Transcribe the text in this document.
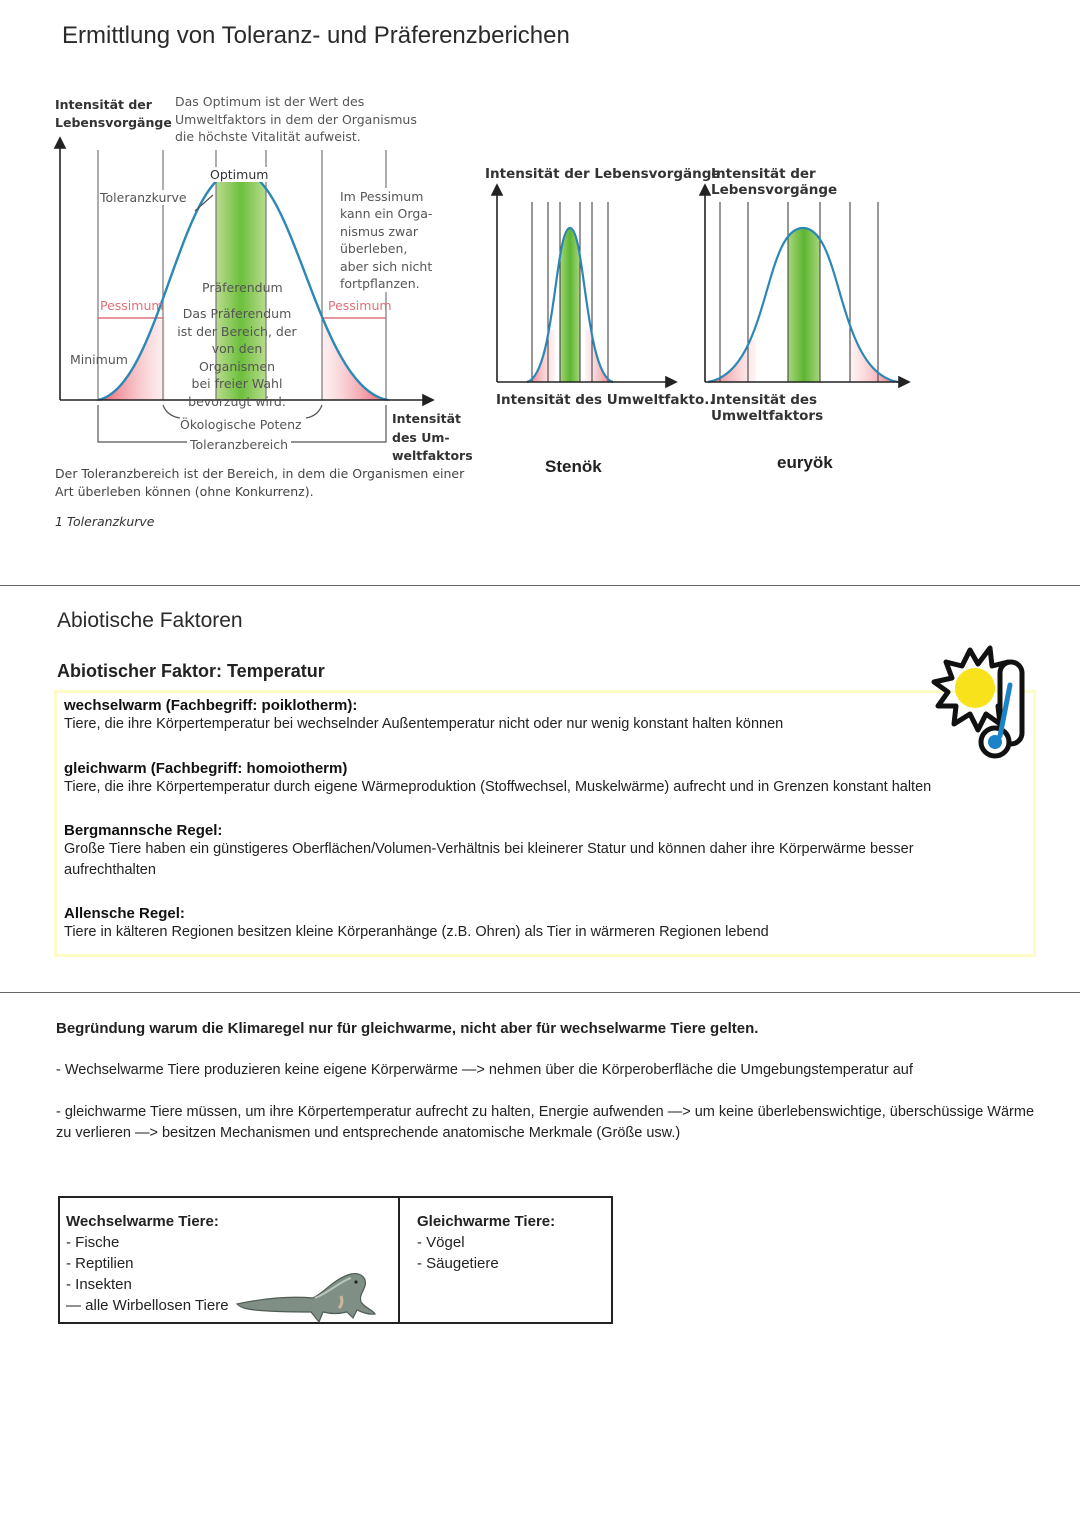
Ermittlung von Toleranz- und Präferenzberichen
Intensität der
Lebensvorgänge
Das Optimum ist der Wert des
Umweltfaktors in dem der Organismus
die höchste Vitalität aufweist.
Optimum
Toleranzkurve	Im Pessimum
kann ein Orga-
nismus zwar
überleben,
aber sich nicht
fortpflanzen.
Präferendum
Pessimum	Pessimum
Das Präferendum
ist der Bereich, der
von den Organismen
bei freier Wahl
bevorzugt wird.
Minimum
Ökologische Potenz
Toleranzbereich
Intensität
des Um-
weltfaktors
Der Toleranzbereich ist der Bereich, in dem die Organismen einer
Art überleben können (ohne Konkurrenz).
1 Toleranzkurve
Intensität der Lebensvorgänge
Intensität der Lebensvorgänge
Intensität des Umweltfakto..
Intensität des Umweltfaktors
Stenök	euryök
Abiotische Faktoren
Abiotischer Faktor: Temperatur
wechselwarm (Fachbegriff: poiklotherm):
Tiere, die ihre Körpertemperatur bei wechselnder Außentemperatur nicht oder nur wenig konstant halten können
gleichwarm (Fachbegriff: homoiotherm)
Tiere, die ihre Körpertemperatur durch eigene Wärmeproduktion (Stoffwechsel, Muskelwärme) aufrecht und in Grenzen konstant halten
Bergmannsche Regel:
Große Tiere haben ein günstigeres Oberflächen/Volumen-Verhältnis bei kleinerer Statur und können daher ihre Körperwärme besser aufrechthalten
Allensche Regel:
Tiere in kälteren Regionen besitzen kleine Körperanhänge (z.B. Ohren) als Tier in wärmeren Regionen lebend
Begründung warum die Klimaregel nur für gleichwarme, nicht aber für wechselwarme Tiere gelten.
- Wechselwarme Tiere produzieren keine eigene Körperwärme —> nehmen über die Körperoberfläche die Umgebungstemperatur auf
- gleichwarme Tiere müssen, um ihre Körpertemperatur aufrecht zu halten, Energie aufwenden —> um keine überlebenswichtige, überschüssige Wärme zu verlieren —> besitzen Mechanismen und entsprechende anatomische Merkmale (Größe usw.)
Wechselwarme Tiere:
- Fische
- Reptilien
- Insekten
— alle Wirbellosen Tiere
Gleichwarme Tiere:
- Vögel
- Säugetiere
